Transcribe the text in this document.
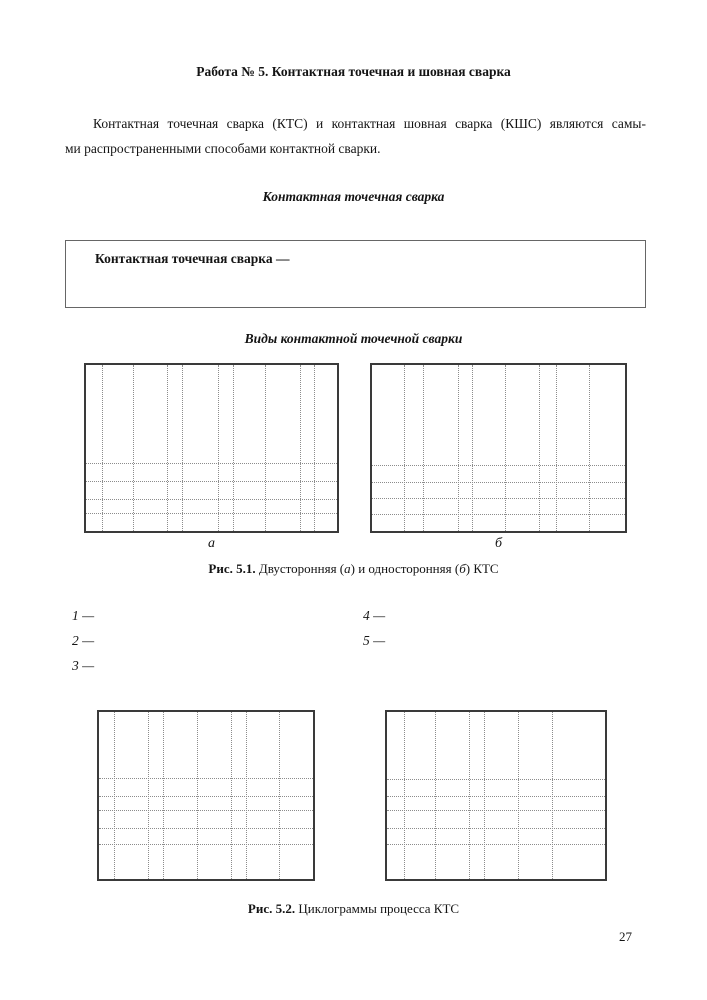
Работа № 5. Контактная точечная и шовная сварка
Контактная точечная сварка (КТС) и контактная шовная сварка (КШС) являются самы-
ми распространенными способами контактной сварки.
Контактная точечная сварка
Контактная точечная сварка —
Виды контактной точечной сварки
а	б
Рис. 5.1. Двусторонняя (а) и односторонняя (б) КТС
1 —
2 —
3 —
4 —
5 —
Рис. 5.2. Циклограммы процесса КТС
27
